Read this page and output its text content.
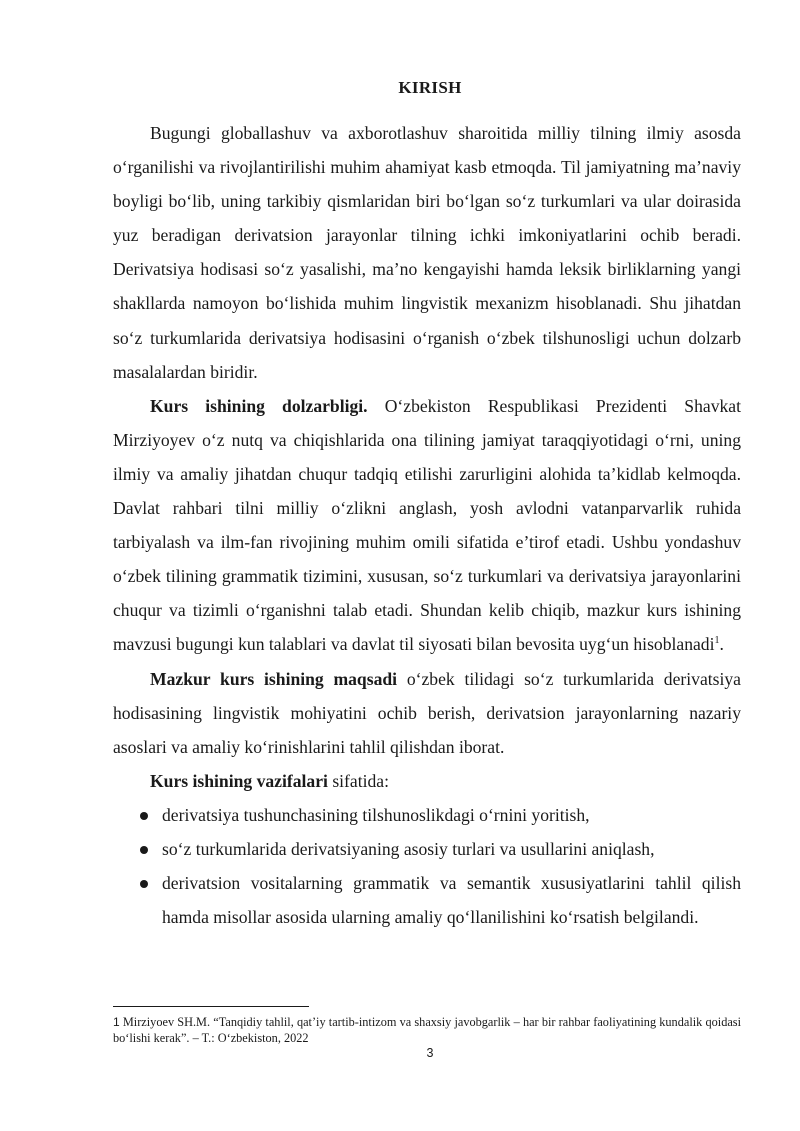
KIRISH

Bugungi globallashuv va axborotlashuv sharoitida milliy tilning ilmiy asosda o‘rganilishi va rivojlantirilishi muhim ahamiyat kasb etmoqda. Til jamiyatning ma’naviy boyligi bo‘lib, uning tarkibiy qismlaridan biri bo‘lgan so‘z turkumlari va ular doirasida yuz beradigan derivatsion jarayonlar tilning ichki imkoniyatlarini ochib beradi. Derivatsiya hodisasi so‘z yasalishi, ma’no kengayishi hamda leksik birliklarning yangi shakllarda namoyon bo‘lishida muhim lingvistik mexanizm hisoblanadi. Shu jihatdan so‘z turkumlarida derivatsiya hodisasini o‘rganish o‘zbek tilshunosligi uchun dolzarb masalalardan biridir.

Kurs ishining dolzarbligi. O‘zbekiston Respublikasi Prezidenti Shavkat Mirziyoyev o‘z nutq va chiqishlarida ona tilining jamiyat taraqqiyotidagi o‘rni, uning ilmiy va amaliy jihatdan chuqur tadqiq etilishi zarurligini alohida ta’kidlab kelmoqda. Davlat rahbari tilni milliy o‘zlikni anglash, yosh avlodni vatanparvarlik ruhida tarbiyalash va ilm-fan rivojining muhim omili sifatida e’tirof etadi. Ushbu yondashuv o‘zbek tilining grammatik tizimini, xususan, so‘z turkumlari va derivatsiya jarayonlarini chuqur va tizimli o‘rganishni talab etadi. Shundan kelib chiqib, mazkur kurs ishining mavzusi bugungi kun talablari va davlat til siyosati bilan bevosita uyg‘un hisoblanadi$^1$.

Mazkur kurs ishining maqsadi o‘zbek tilidagi so‘z turkumlarida derivatsiya hodisasining lingvistik mohiyatini ochib berish, derivatsion jarayonlarning nazariy asoslari va amaliy ko‘rinishlarini tahlil qilishdan iborat.

Kurs ishining vazifalari sifatida:

derivatsiya tushunchasining tilshunoslikdagi o‘rnini yoritish,
so‘z turkumlarida derivatsiyaning asosiy turlari va usullarini aniqlash,
derivatsion vositalarning grammatik va semantik xususiyatlarini tahlil qilish hamda misollar asosida ularning amaliy qo‘llanilishini ko‘rsatish belgilandi.
1 Mirziyoev SH.M. “Tanqidiy tahlil, qat’iy tartib-intizom va shaxsiy javobgarlik – har bir rahbar faoliyatining kundalik qoidasi bo‘lishi kerak”. – T.: O‘zbekiston, 2022
3
